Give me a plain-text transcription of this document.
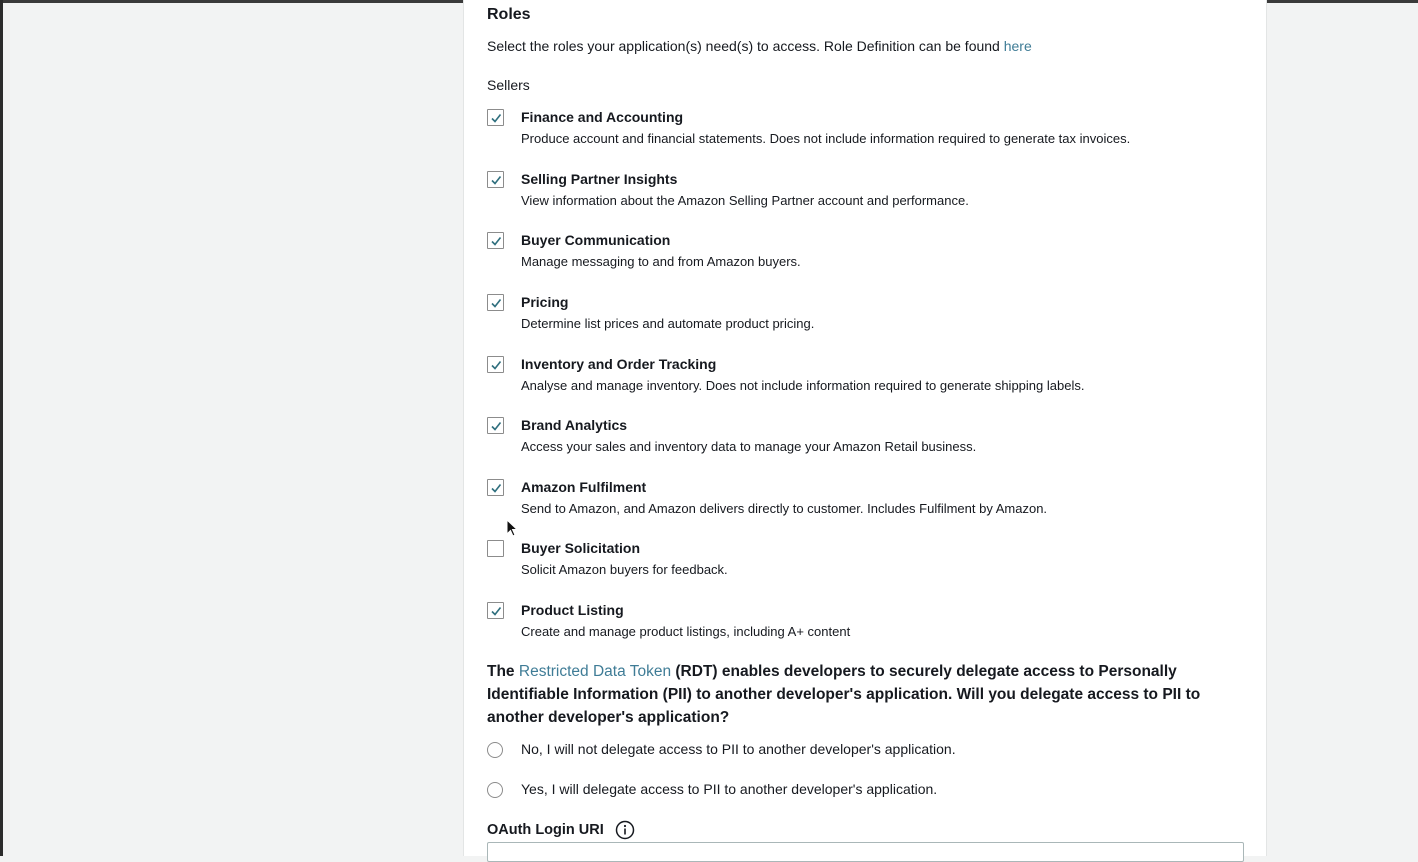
Roles
Select the roles your application(s) need(s) to access. Role Definition can be found here
Sellers
Finance and Accounting
Produce account and financial statements. Does not include information required to generate tax invoices.
Selling Partner Insights
View information about the Amazon Selling Partner account and performance.
Buyer Communication
Manage messaging to and from Amazon buyers.
Pricing
Determine list prices and automate product pricing.
Inventory and Order Tracking
Analyse and manage inventory. Does not include information required to generate shipping labels.
Brand Analytics
Access your sales and inventory data to manage your Amazon Retail business.
Amazon Fulfilment
Send to Amazon, and Amazon delivers directly to customer. Includes Fulfilment by Amazon.
Buyer Solicitation
Solicit Amazon buyers for feedback.
Product Listing
Create and manage product listings, including A+ content
The Restricted Data Token (RDT) enables developers to securely delegate access to Personally Identifiable Information (PII) to another developer's application. Will you delegate access to PII to another developer's application?
No, I will not delegate access to PII to another developer's application.
Yes, I will delegate access to PII to another developer's application.
OAuth Login URI
